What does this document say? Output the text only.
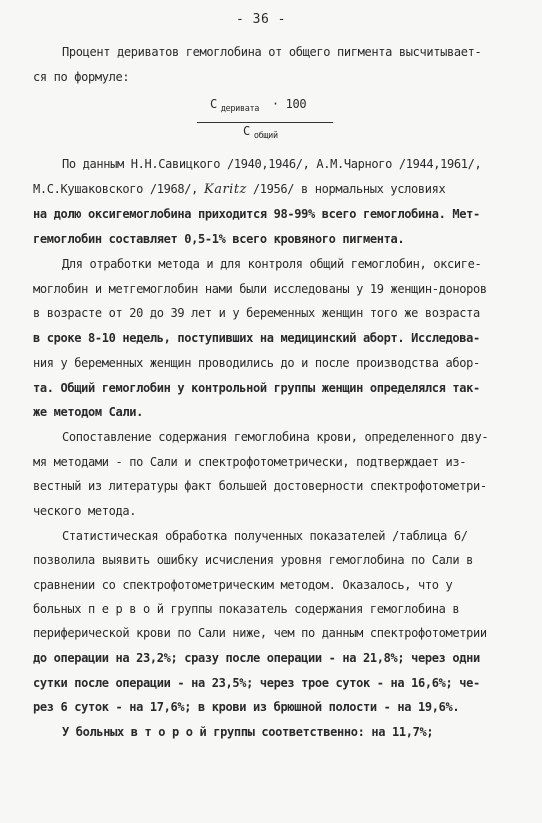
- 36 -
Процент дериватов гемоглобина от общего пигмента высчитывает-
ся по формуле:
С $_{деривата}$ · 100
С $_{общий}$
По данным Н.Н.Савицкого /1940,1946/, А.М.Чарного /1944,1961/,
М.С.Кушаковского /1968/, Karitz /1956/ в нормальных условиях
на долю оксигемоглобина приходится 98-99% всего гемоглобина. Мет-
гемоглобин составляет 0,5-1% всего кровяного пигмента.
Для отработки метода и для контроля общий гемоглобин, оксиге-
моглобин и метгемоглобин нами были исследованы у 19 женщин-доноров
в возрасте от 20 до 39 лет и у беременных женщин того же возраста
в сроке 8-10 недель, поступивших на медицинский аборт. Исследова-
ния у беременных женщин проводились до и после производства абор-
та. Общий гемоглобин у контрольной группы женщин определялся так-
же методом Сали.
Сопоставление содержания гемоглобина крови, определенного дву-
мя методами - по Сали и спектрофотометрически, подтверждает из-
вестный из литературы факт большей достоверности спектрофотометри-
ческого метода.
Статистическая обработка полученных показателей /таблица 6/
позволила выявить ошибку исчисления уровня гемоглобина по Сали в
сравнении со спектрофотометрическим методом. Оказалось, что у
больных п е р в о й группы показатель содержания гемоглобина в
периферической крови по Сали ниже, чем по данным спектрофотометрии
до операции на 23,2%; сразу после операции - на 21,8%; через одни
сутки после операции - на 23,5%; через трое суток - на 16,6%; че-
рез 6 суток - на 17,6%; в крови из брюшной полости - на 19,6%.
У больных в т о р о й группы соответственно: на 11,7%;
